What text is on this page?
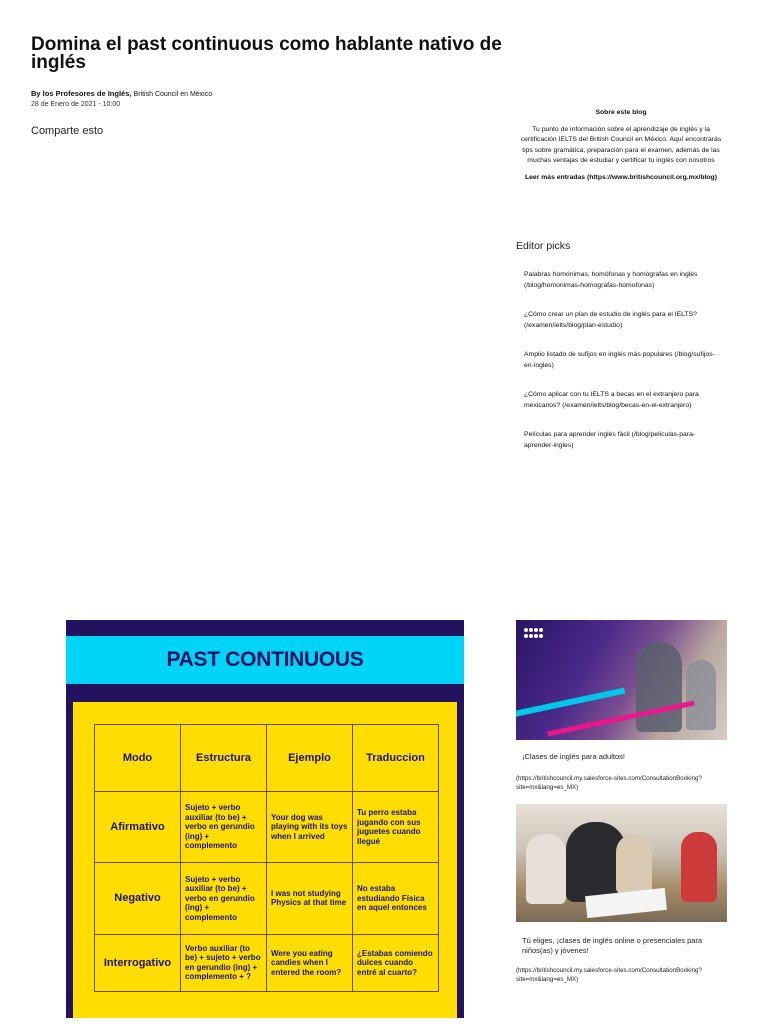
Domina el past continuous como hablante nativo de inglés
By los Profesores de Inglés, British Council en México
28 de Enero de 2021 - 10:00
Comparte esto
Sobre este blog
Tu punto de información sobre el aprendizaje de inglés y la certificación IELTS del British Council en México. Aquí encontrarás tips sobre gramática, preparación para el examen, además de las muchas ventajas de estudiar y certificar tu inglés con nosotros
Leer más entradas (https://www.britishcouncil.org.mx/blog)
Editor picks
Palabras homónimas, homófonas y homógrafas en inglés (/blog/homonimas-homografas-homofonas)
¿Cómo crear un plan de estudio de inglés para el IELTS? (/examen/ielts/blog/plan-estudio)
Amplio listado de sufijos en inglés más populares (/blog/sufijos-en-ingles)
¿Cómo aplicar con tu IELTS a becas en el extranjero para mexicanos? (/examen/ielts/blog/becas-en-el-extranjero)
Películas para aprender inglés fácil (/blog/peliculas-para-aprender-ingles)
PAST CONTINUOUS
Modo	Estructura	Ejemplo	Traduccion
Afirmativo	Sujeto + verbo auxiliar (to be) + verbo en gerundio (ing) + complemento	Your dog was playing with its toys when I arrived	Tu perro estaba jugando con sus juguetes cuando llegué
Negativo	Sujeto + verbo auxiliar (to be) + verbo en gerundio (ing) + complemento	I was not studying Physics at that time	No estaba estudiando Física en aquel entonces
Interrogativo	Verbo auxiliar (to be) + sujeto + verbo en gerundio (ing) + complemento + ?	Were you eating candies when I entered the room?	¿Estabas comiendo dulces cuando entré al cuarto?
¡Clases de inglés para adultos!
(https://britishcouncil.my.salesforce-sites.com/ConsultationBooking?site=mx&lang=es_MX)
Tú eliges, ¡clases de inglés online o presenciales para niños(as) y jóvenes!
(https://britishcouncil.my.salesforce-sites.com/ConsultationBooking?site=mx&lang=es_MX)
